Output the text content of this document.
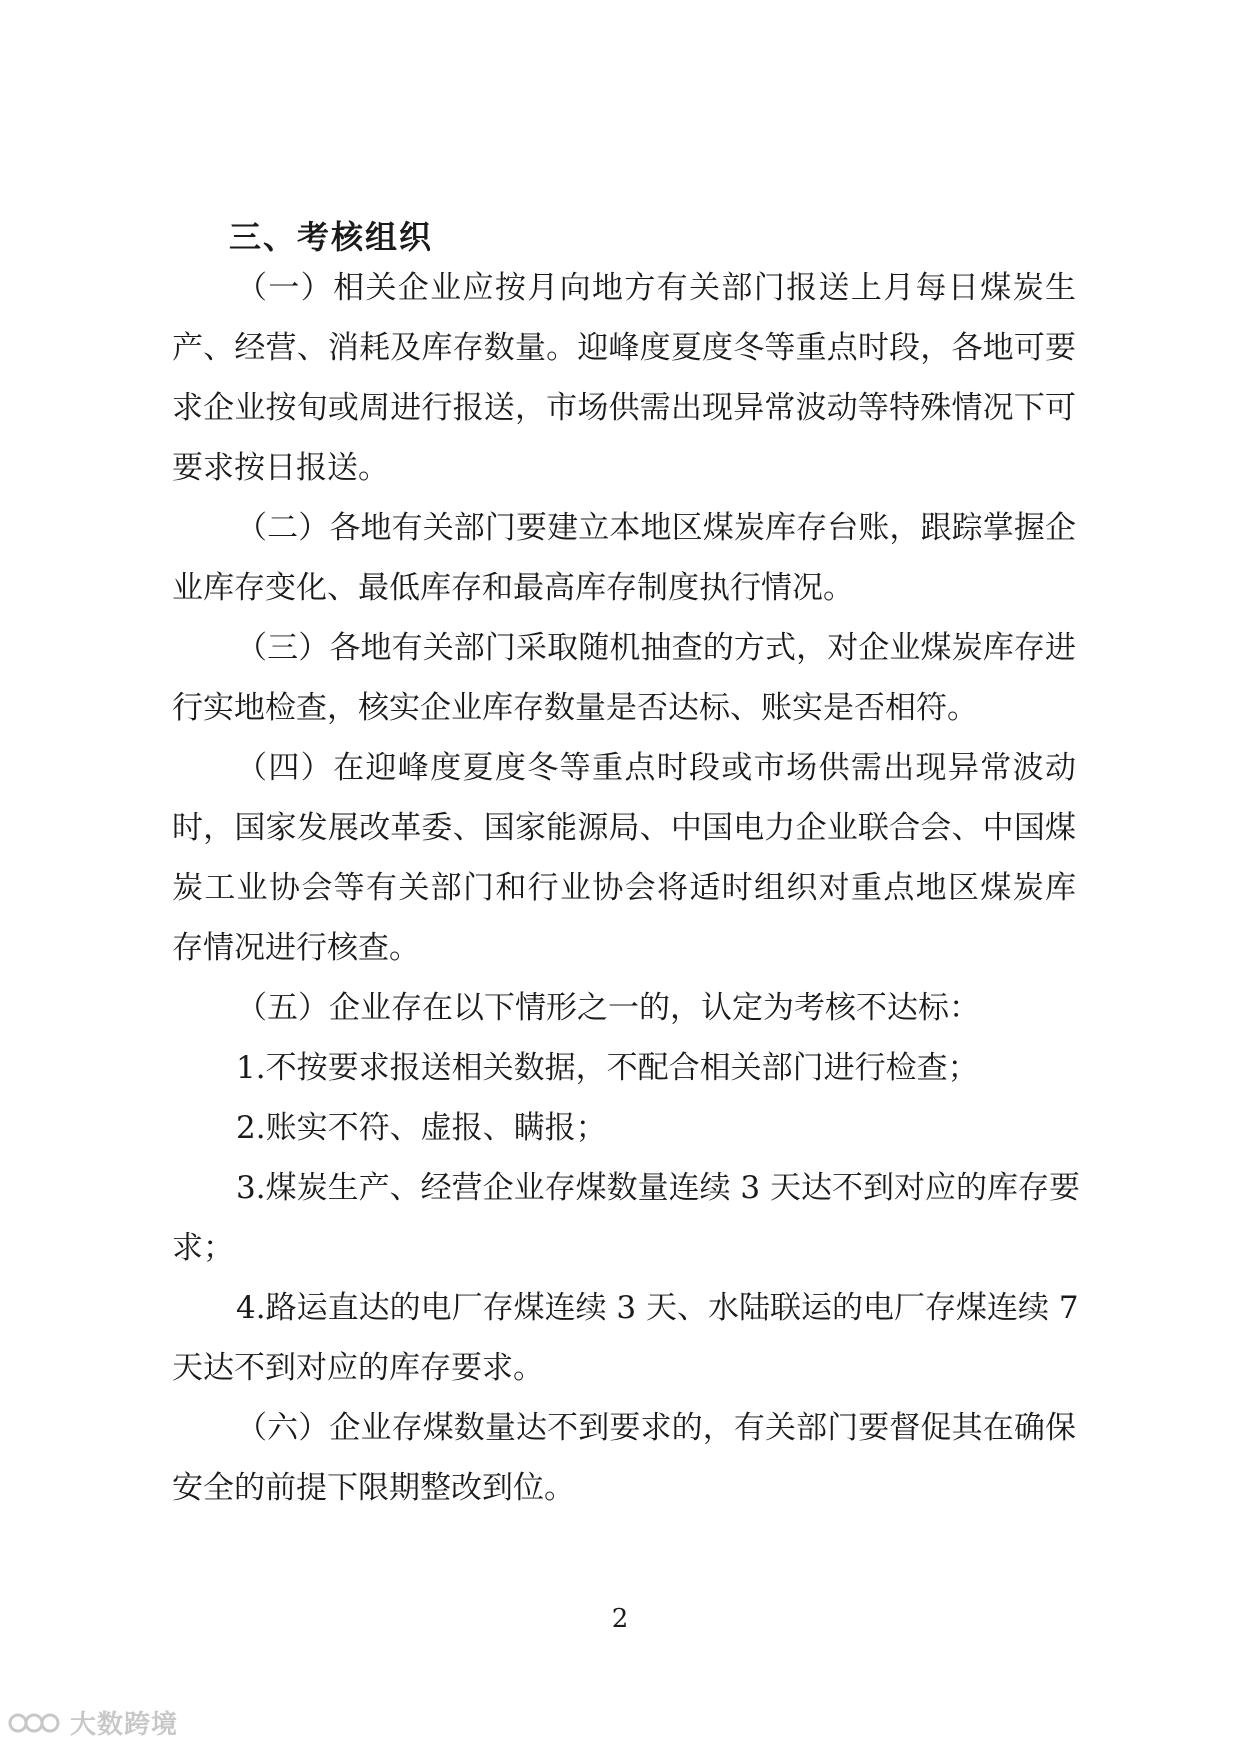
三、考核组织
（一）相关企业应按月向地方有关部门报送上月每日煤炭生
产、经营、消耗及库存数量。迎峰度夏度冬等重点时段，各地可要
求企业按旬或周进行报送，市场供需出现异常波动等特殊情况下可
要求按日报送。
（二）各地有关部门要建立本地区煤炭库存台账，跟踪掌握企
业库存变化、最低库存和最高库存制度执行情况。
（三）各地有关部门采取随机抽查的方式，对企业煤炭库存进
行实地检查，核实企业库存数量是否达标、账实是否相符。
（四）在迎峰度夏度冬等重点时段或市场供需出现异常波动
时，国家发展改革委、国家能源局、中国电力企业联合会、中国煤
炭工业协会等有关部门和行业协会将适时组织对重点地区煤炭库
存情况进行核查。
（五）企业存在以下情形之一的，认定为考核不达标：
1.不按要求报送相关数据，不配合相关部门进行检查；
2.账实不符、虚报、瞒报；
3.煤炭生产、经营企业存煤数量连续 3 天达不到对应的库存要
求；
4.路运直达的电厂存煤连续 3 天、水陆联运的电厂存煤连续 7
天达不到对应的库存要求。
（六）企业存煤数量达不到要求的，有关部门要督促其在确保
安全的前提下限期整改到位。
2
大数跨境
